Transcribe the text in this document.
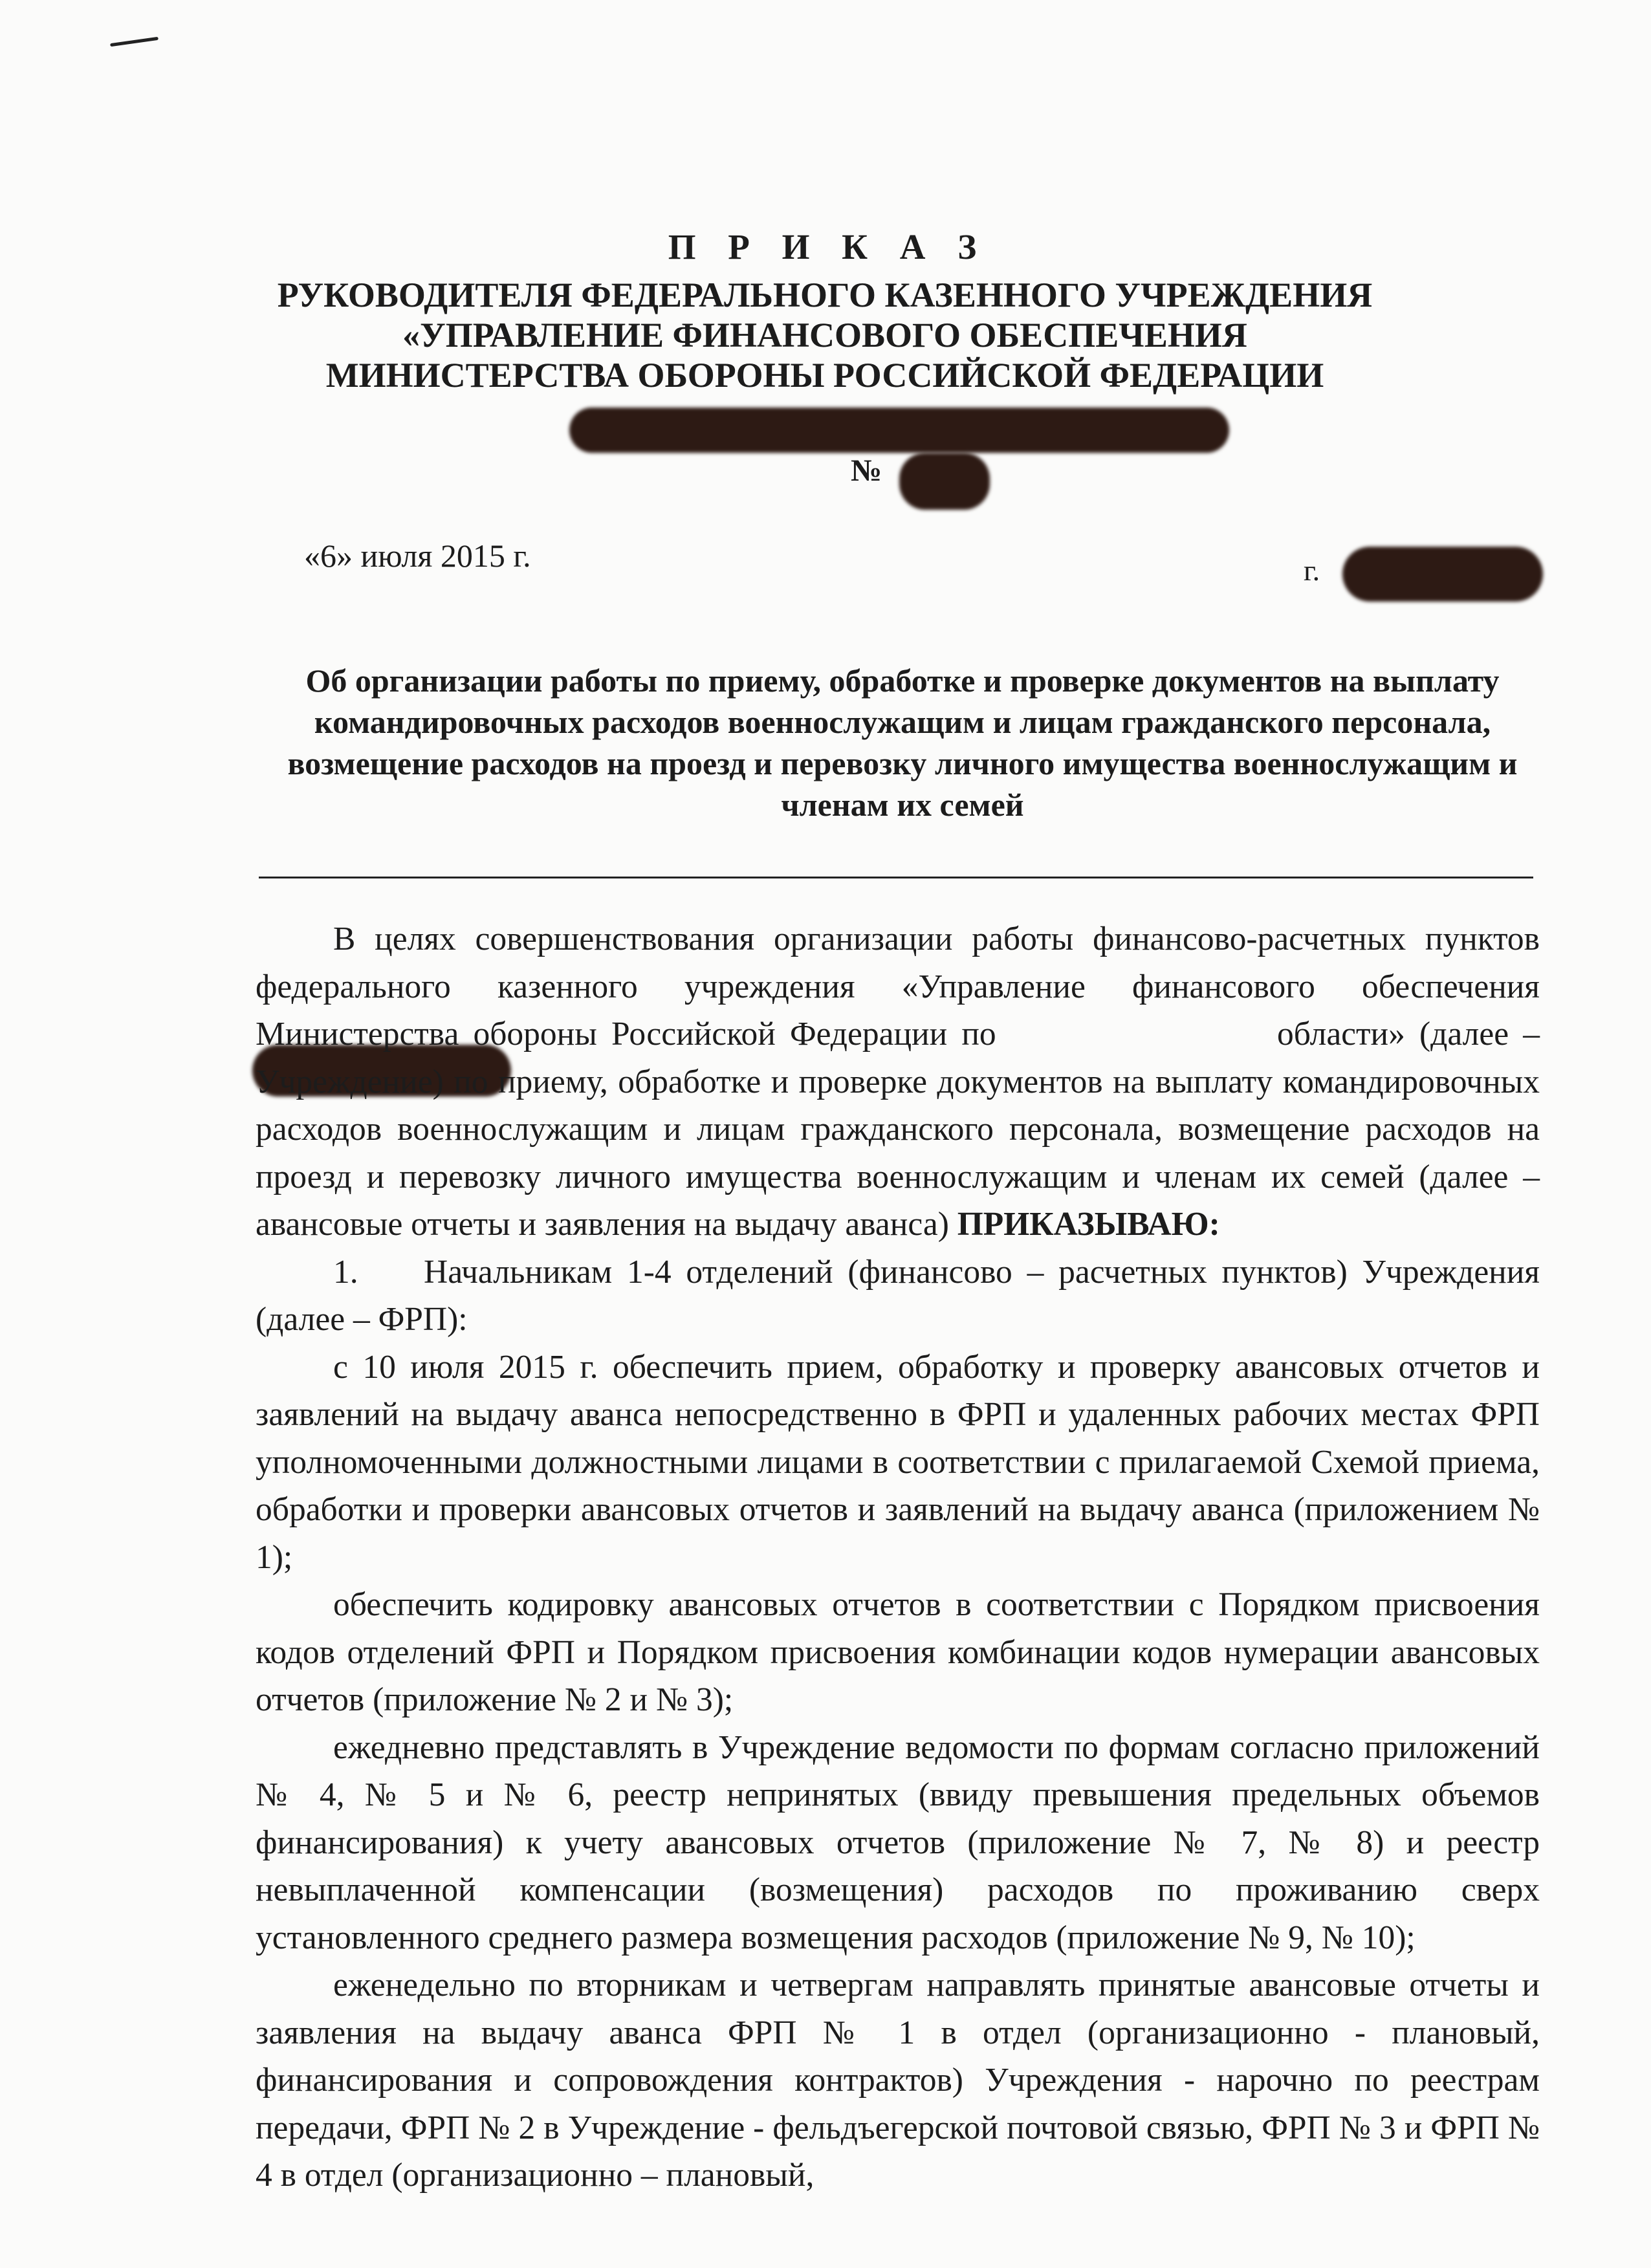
П Р И К А З
РУКОВОДИТЕЛЯ ФЕДЕРАЛЬНОГО КАЗЕННОГО УЧРЕЖДЕНИЯ
«УПРАВЛЕНИЕ ФИНАНСОВОГО ОБЕСПЕЧЕНИЯ
МИНИСТЕРСТВА ОБОРОНЫ РОССИЙСКОЙ ФЕДЕРАЦИИ
№
«6» июля 2015 г.	г.
Об организации работы по приему, обработке и проверке документов на выплату командировочных расходов военнослужащим и лицам гражданского персонала, возмещение расходов на проезд и перевозку личного имущества военнослужащим и членам их семей

В целях совершенствования организации работы финансово-расчетных пунктов федерального казенного учреждения «Управление финансового обеспечения Министерства обороны Российской Федерации по	области» (далее – Учреждение) по приему, обработке и проверке документов на выплату командировочных расходов военнослужащим и лицам гражданского персонала, возмещение расходов на проезд и перевозку личного имущества военнослужащим и членам их семей (далее – авансовые отчеты и заявления на выдачу аванса) ПРИКАЗЫВАЮ:

1. Начальникам 1-4 отделений (финансово – расчетных пунктов) Учреждения (далее – ФРП):

с 10 июля 2015 г. обеспечить прием, обработку и проверку авансовых отчетов и заявлений на выдачу аванса непосредственно в ФРП и удаленных рабочих местах ФРП уполномоченными должностными лицами в соответствии с прилагаемой Схемой приема, обработки и проверки авансовых отчетов и заявлений на выдачу аванса (приложением № 1);

обеспечить кодировку авансовых отчетов в соответствии с Порядком присвоения кодов отделений ФРП и Порядком присвоения комбинации кодов нумерации авансовых отчетов (приложение № 2 и № 3);

ежедневно представлять в Учреждение ведомости по формам согласно приложений № 4, № 5 и № 6, реестр непринятых (ввиду превышения предельных объемов финансирования) к учету авансовых отчетов (приложение № 7, № 8) и реестр невыплаченной компенсации (возмещения) расходов по проживанию сверх установленного среднего размера возмещения расходов (приложение № 9, № 10);

еженедельно по вторникам и четвергам направлять принятые авансовые отчеты и заявления на выдачу аванса ФРП № 1 в отдел (организационно - плановый, финансирования и сопровождения контрактов) Учреждения - нарочно по реестрам передачи, ФРП № 2 в Учреждение - фельдъегерской почтовой связью, ФРП № 3 и ФРП № 4 в отдел (организационно – плановый,
